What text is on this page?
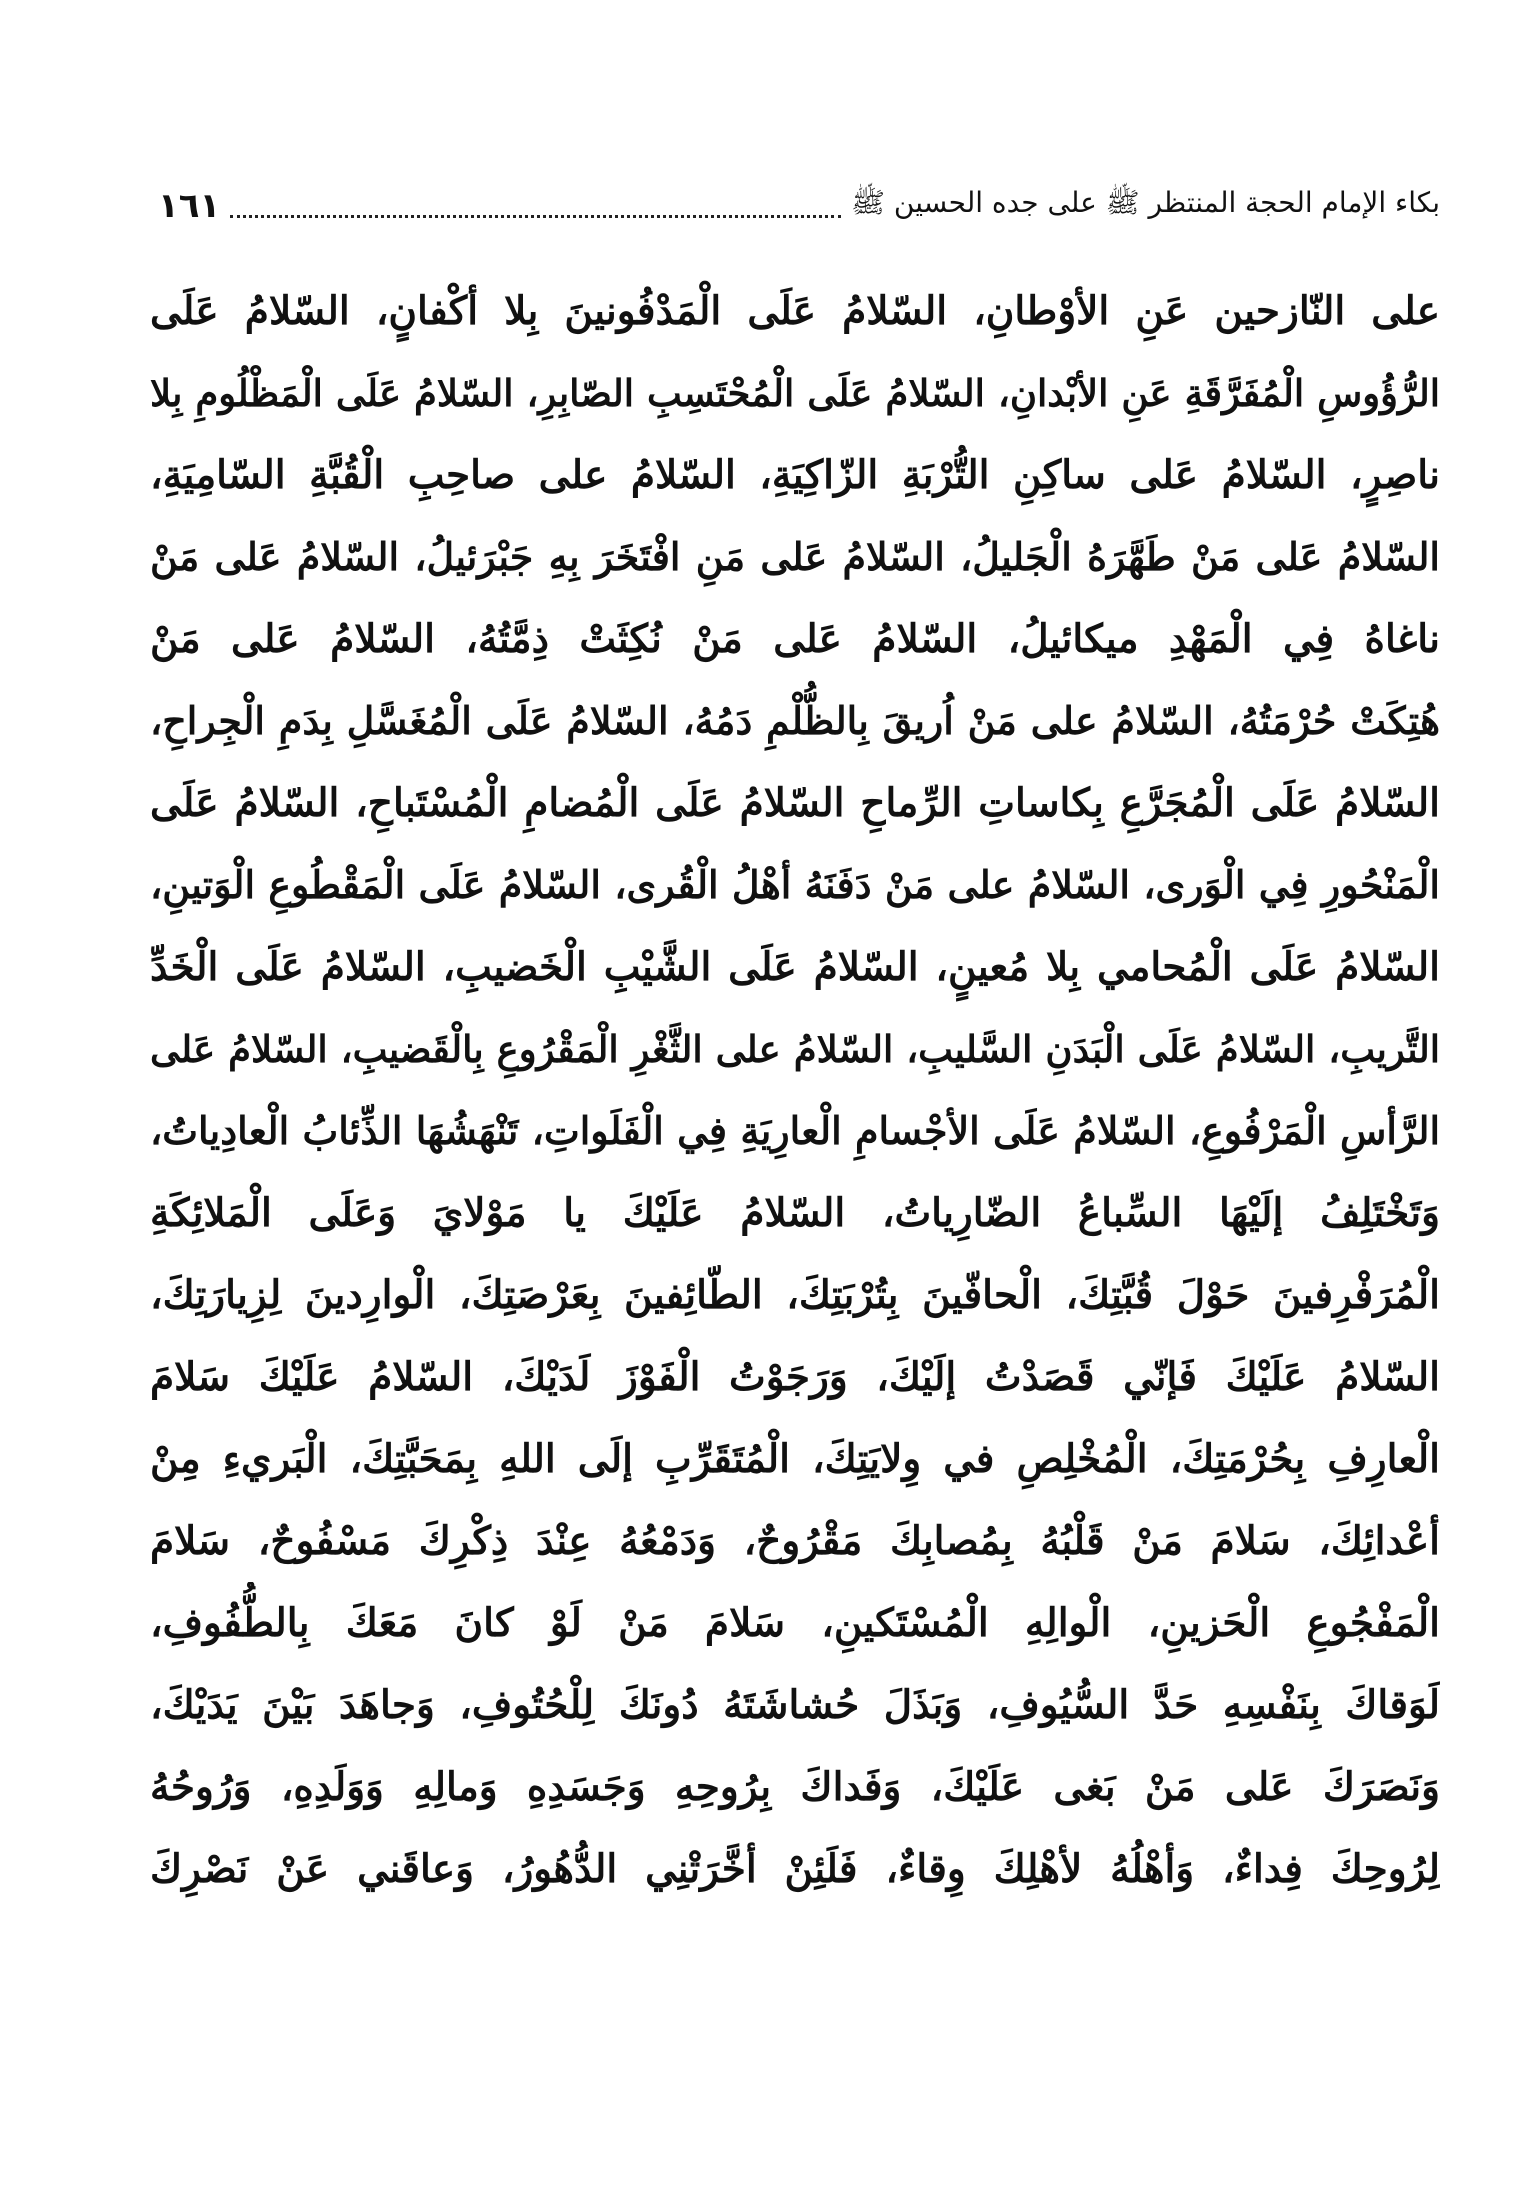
١٦١	بكاء الإمام الحجة المنتظر ﷺ على جده الحسين ﷺ
على النّازحين عَنِ الأوْطانِ، السّلامُ عَلَى الْمَدْفُونينَ بِلا أكْفانٍ، السّلامُ عَلَى
الرُّؤُوسِ الْمُفَرَّقَةِ عَنِ الأبْدانِ، السّلامُ عَلَى الْمُحْتَسِبِ الصّابِرِ، السّلامُ عَلَى الْمَظْلُومِ بِلا
ناصِرٍ، السّلامُ عَلى ساكِنِ التُّرْبَةِ الزّاكِيَةِ، السّلامُ على صاحِبِ الْقُبَّةِ السّامِيَةِ،
السّلامُ عَلى مَنْ طَهَّرَهُ الْجَليلُ، السّلامُ عَلى مَنِ افْتَخَرَ بِهِ جَبْرَئيلُ، السّلامُ عَلى مَنْ
ناغاهُ فِي الْمَهْدِ ميكائيلُ، السّلامُ عَلى مَنْ نُكِثَتْ ذِمَّتُهُ، السّلامُ عَلى مَنْ
هُتِكَتْ حُرْمَتُهُ، السّلامُ على مَنْ اُريقَ بِالظُّلْمِ دَمُهُ، السّلامُ عَلَى الْمُغَسَّلِ بِدَمِ الْجِراحِ،
السّلامُ عَلَى الْمُجَرَّعِ بِكاساتِ الرِّماحِ السّلامُ عَلَى الْمُضامِ الْمُسْتَباحِ، السّلامُ عَلَى
الْمَنْحُورِ فِي الْوَرى، السّلامُ على مَنْ دَفَنَهُ أهْلُ الْقُرى، السّلامُ عَلَى الْمَقْطُوعِ الْوَتينِ،
السّلامُ عَلَى الْمُحامي بِلا مُعينٍ، السّلامُ عَلَى الشَّيْبِ الْخَضيبِ، السّلامُ عَلَى الْخَدِّ
التَّريبِ، السّلامُ عَلَى الْبَدَنِ السَّليبِ، السّلامُ على الثَّغْرِ الْمَقْرُوعِ بِالْقَضيبِ، السّلامُ عَلى
الرَّأسِ الْمَرْفُوعِ، السّلامُ عَلَى الأجْسامِ الْعارِيَةِ فِي الْفَلَواتِ، تَنْهَشُهَا الذِّئابُ الْعادِياتُ،
وَتَخْتَلِفُ إلَيْهَا السِّباعُ الضّارِياتُ، السّلامُ عَلَيْكَ يا مَوْلايَ وَعَلَى الْمَلائِكَةِ
الْمُرَفْرِفينَ حَوْلَ قُبَّتِكَ، الْحافّينَ بِتُرْبَتِكَ، الطّائِفينَ بِعَرْصَتِكَ، الْوارِدينَ لِزِيارَتِكَ،
السّلامُ عَلَيْكَ فَإنّي قَصَدْتُ إلَيْكَ، وَرَجَوْتُ الْفَوْزَ لَدَيْكَ، السّلامُ عَلَيْكَ سَلامَ
الْعارِفِ بِحُرْمَتِكَ، الْمُخْلِصِ في وِلايَتِكَ، الْمُتَقَرِّبِ إلَى اللهِ بِمَحَبَّتِكَ، الْبَريءِ مِنْ
أعْدائِكَ، سَلامَ مَنْ قَلْبُهُ بِمُصابِكَ مَقْرُوحٌ، وَدَمْعُهُ عِنْدَ ذِكْرِكَ مَسْفُوحٌ، سَلامَ
الْمَفْجُوعِ الْحَزينِ، الْوالِهِ الْمُسْتَكينِ، سَلامَ مَنْ لَوْ كانَ مَعَكَ بِالطُّفُوفِ،
لَوَقاكَ بِنَفْسِهِ حَدَّ السُّيُوفِ، وَبَذَلَ حُشاشَتَهُ دُونَكَ لِلْحُتُوفِ، وَجاهَدَ بَيْنَ يَدَيْكَ،
وَنَصَرَكَ عَلى مَنْ بَغى عَلَيْكَ، وَفَداكَ بِرُوحِهِ وَجَسَدِهِ وَمالِهِ وَوَلَدِهِ، وَرُوحُهُ
لِرُوحِكَ فِداءٌ، وَأهْلُهُ لأهْلِكَ وِقاءٌ، فَلَئِنْ أخَّرَتْنِي الدُّهُورُ، وَعاقَني عَنْ نَصْرِكَ
